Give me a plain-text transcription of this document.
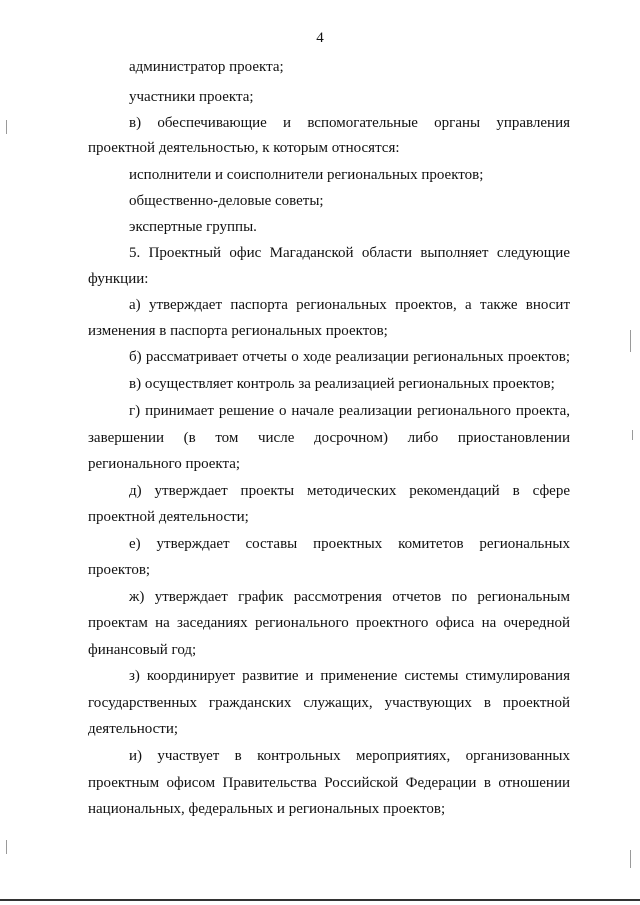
4
администратор проекта;
участники проекта;
в) обеспечивающие и вспомогательные органы управления
проектной деятельностью, к которым относятся:
исполнители и соисполнители региональных проектов;
общественно-деловые советы;
экспертные группы.
5. Проектный офис Магаданской области выполняет следующие
функции:
а) утверждает паспорта региональных проектов, а также вносит
изменения в паспорта региональных проектов;
б) рассматривает отчеты о ходе реализации региональных проектов;
в) осуществляет контроль за реализацией региональных проектов;
г) принимает решение о начале реализации регионального проекта,
завершении (в том числе досрочном) либо приостановлении
регионального проекта;
д) утверждает проекты методических рекомендаций в сфере
проектной деятельности;
е) утверждает составы проектных комитетов региональных
проектов;
ж) утверждает график рассмотрения отчетов по региональным
проектам на заседаниях регионального проектного офиса на очередной
финансовый год;
з) координирует развитие и применение системы стимулирования
государственных гражданских служащих, участвующих в проектной
деятельности;
и) участвует в контрольных мероприятиях, организованных
проектным офисом Правительства Российской Федерации в отношении
национальных, федеральных и региональных проектов;
